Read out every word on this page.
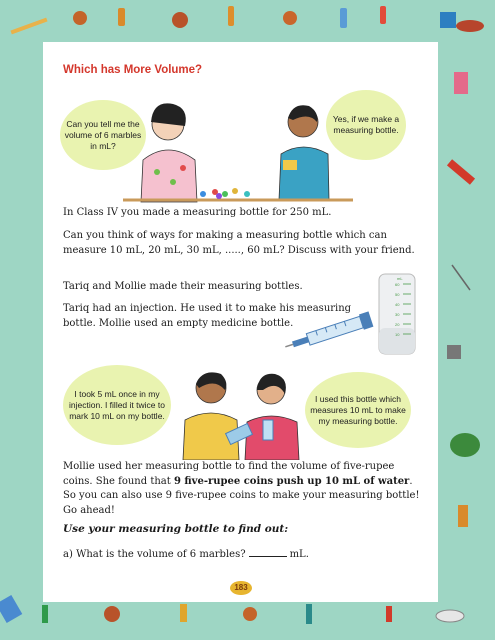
Which has More Volume?
Can you tell me the volume of 6 marbles in mL?
Yes, if we make a measuring bottle.
In Class IV you made a measuring bottle for 250 mL.
Can you think of ways for making a measuring bottle which can measure 10 mL, 20 mL, 30 mL, ....., 60 mL? Discuss with your friend.
Tariq and Mollie made their measuring bottles.
Tariq had an injection. He used it to make his measuring bottle. Mollie used an empty medicine bottle.
mL
60
50
40
30
20
10
I took 5 mL once in my injection. I filled it twice to mark 10 mL on my bottle.
I used this bottle which measures 10 mL to make my measuring bottle.
Mollie used her measuring bottle to find the volume of five-rupee coins. She found that 9 five-rupee coins push up 10 mL of water. So you can also use 9 five-rupee coins to make your measuring bottle! Go ahead!
Use your measuring bottle to find out:
a) What is the volume of 6 marbles?	mL.
183
